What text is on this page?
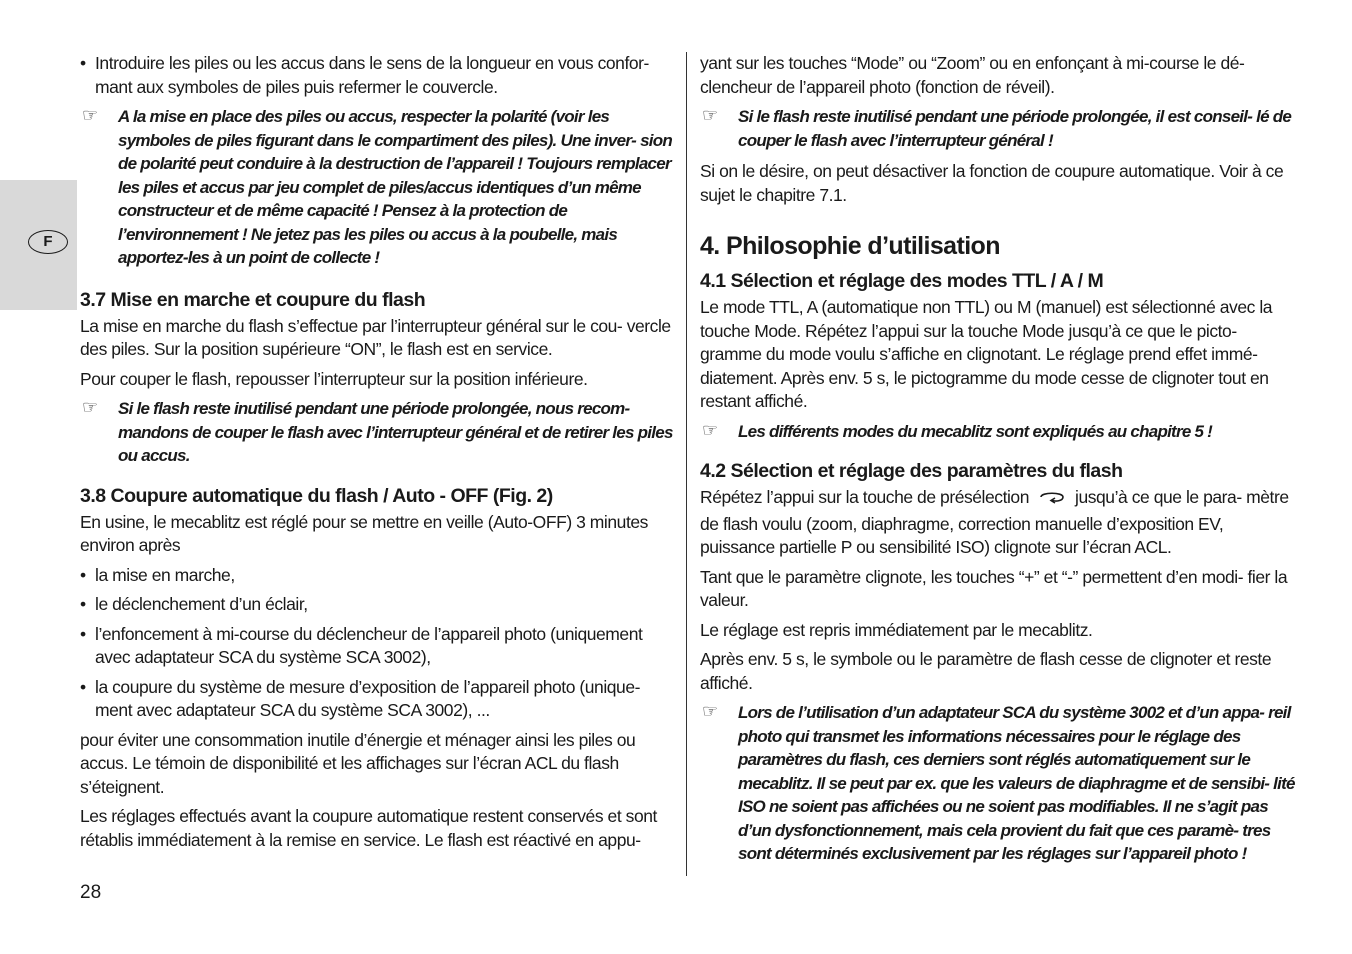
F
• Introduire les piles ou les accus dans le sens de la longueur en vous confor- mant aux symboles de piles puis refermer le couvercle.
☞ A la mise en place des piles ou accus, respecter la polarité (voir les symboles de piles figurant dans le compartiment des piles). Une inver- sion de polarité peut conduire à la destruction de l’appareil ! Toujours remplacer les piles et accus par jeu complet de piles/accus identiques d’un même constructeur et de même capacité ! Pensez à la protection de l’environnement ! Ne jetez pas les piles ou accus à la poubelle, mais apportez-les à un point de collecte !
3.7 Mise en marche et coupure du flash

La mise en marche du flash s’effectue par l’interrupteur général sur le cou- vercle des piles. Sur la position supérieure “ON”, le flash est en service.

Pour couper le flash, repousser l’interrupteur sur la position inférieure.

☞ Si le flash reste inutilisé pendant une période prolongée, nous recom- mandons de couper le flash avec l’interrupteur général et de retirer les piles ou accus.
3.8 Coupure automatique du flash / Auto - OFF (Fig. 2)

En usine, le mecablitz est réglé pour se mettre en veille (Auto-OFF) 3 minutes environ après

• la mise en marche,
• le déclenchement d’un éclair,
• l’enfoncement à mi-course du déclencheur de l’appareil photo (uniquement avec adaptateur SCA du système SCA 3002),
• la coupure du système de mesure d’exposition de l’appareil photo (unique- ment avec adaptateur SCA du système SCA 3002), ...

pour éviter une consommation inutile d’énergie et ménager ainsi les piles ou accus. Le témoin de disponibilité et les affichages sur l’écran ACL du flash s’éteignent.

Les réglages effectués avant la coupure automatique restent conservés et sont rétablis immédiatement à la remise en service. Le flash est réactivé en appu-

yant sur les touches “Mode” ou “Zoom” ou en enfonçant à mi-course le dé- clencheur de l’appareil photo (fonction de réveil).

☞ Si le flash reste inutilisé pendant une période prolongée, il est conseil- lé de couper le flash avec l’interrupteur général !

Si on le désire, on peut désactiver la fonction de coupure automatique. Voir à ce sujet le chapitre 7.1.

4. Philosophie d’utilisation
4.1 Sélection et réglage des modes TTL / A / M

Le mode TTL, A (automatique non TTL) ou M (manuel) est sélectionné avec la touche Mode. Répétez l’appui sur la touche Mode jusqu’à ce que le picto- gramme du mode voulu s’affiche en clignotant. Le réglage prend effet immé- diatement. Après env. 5 s, le pictogramme du mode cesse de clignoter tout en restant affiché.

☞ Les différents modes du mecablitz sont expliqués au chapitre 5 !
4.2 Sélection et réglage des paramètres du flash

Répétez l’appui sur la touche de présélection	jusqu’à ce que le para- mètre de flash voulu (zoom, diaphragme, correction manuelle d’exposition EV, puissance partielle P ou sensibilité ISO) clignote sur l’écran ACL.

Tant que le paramètre clignote, les touches “+” et “-” permettent d’en modi- fier la valeur.

Le réglage est repris immédiatement par le mecablitz.

Après env. 5 s, le symbole ou le paramètre de flash cesse de clignoter et reste affiché.

☞ Lors de l’utilisation d’un adaptateur SCA du système 3002 et d’un appa- reil photo qui transmet les informations nécessaires pour le réglage des paramètres du flash, ces derniers sont réglés automatiquement sur le mecablitz. Il se peut par ex. que les valeurs de diaphragme et de sensibi- lité ISO ne soient pas affichées ou ne soient pas modifiables. Il ne s’agit pas d’un dysfonctionnement, mais cela provient du fait que ces paramè- tres sont déterminés exclusivement par les réglages sur l’appareil photo !
28
